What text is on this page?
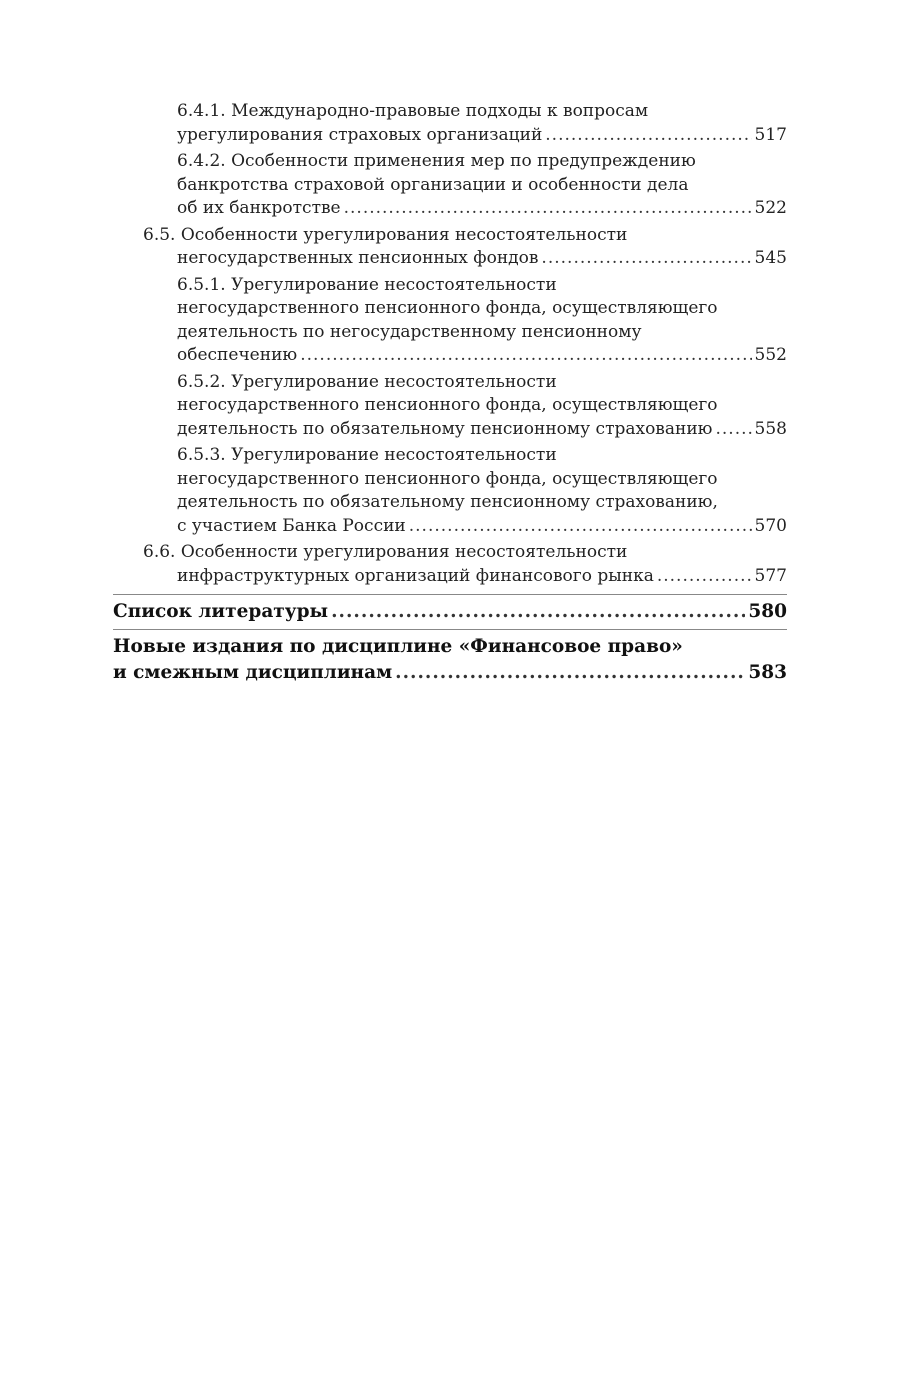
6.4.1. Международно-правовые подходы к вопросам
урегулирования страховых организаций .....	517
6.4.2. Особенности применения мер по предупреждению
банкротства страховой организации и особенности дела
об их банкротстве .....	522
6.5. Особенности урегулирования несостоятельности
негосударственных пенсионных фондов .....	545
6.5.1. Урегулирование несостоятельности
негосударственного пенсионного фонда, осуществляющего
деятельность по негосударственному пенсионному
обеспечению .....	552
6.5.2. Урегулирование несостоятельности
негосударственного пенсионного фонда, осуществляющего
деятельность по обязательному пенсионному страхованию ..... 558
6.5.3. Урегулирование несостоятельности
негосударственного пенсионного фонда, осуществляющего
деятельность по обязательному пенсионному страхованию,
с участием Банка России .....	570
6.6. Особенности урегулирования несостоятельности
инфраструктурных организаций финансового рынка .....	577
Список литературы .....	580
Новые издания по дисциплине «Финансовое право»
и смежным дисциплинам .....	583
